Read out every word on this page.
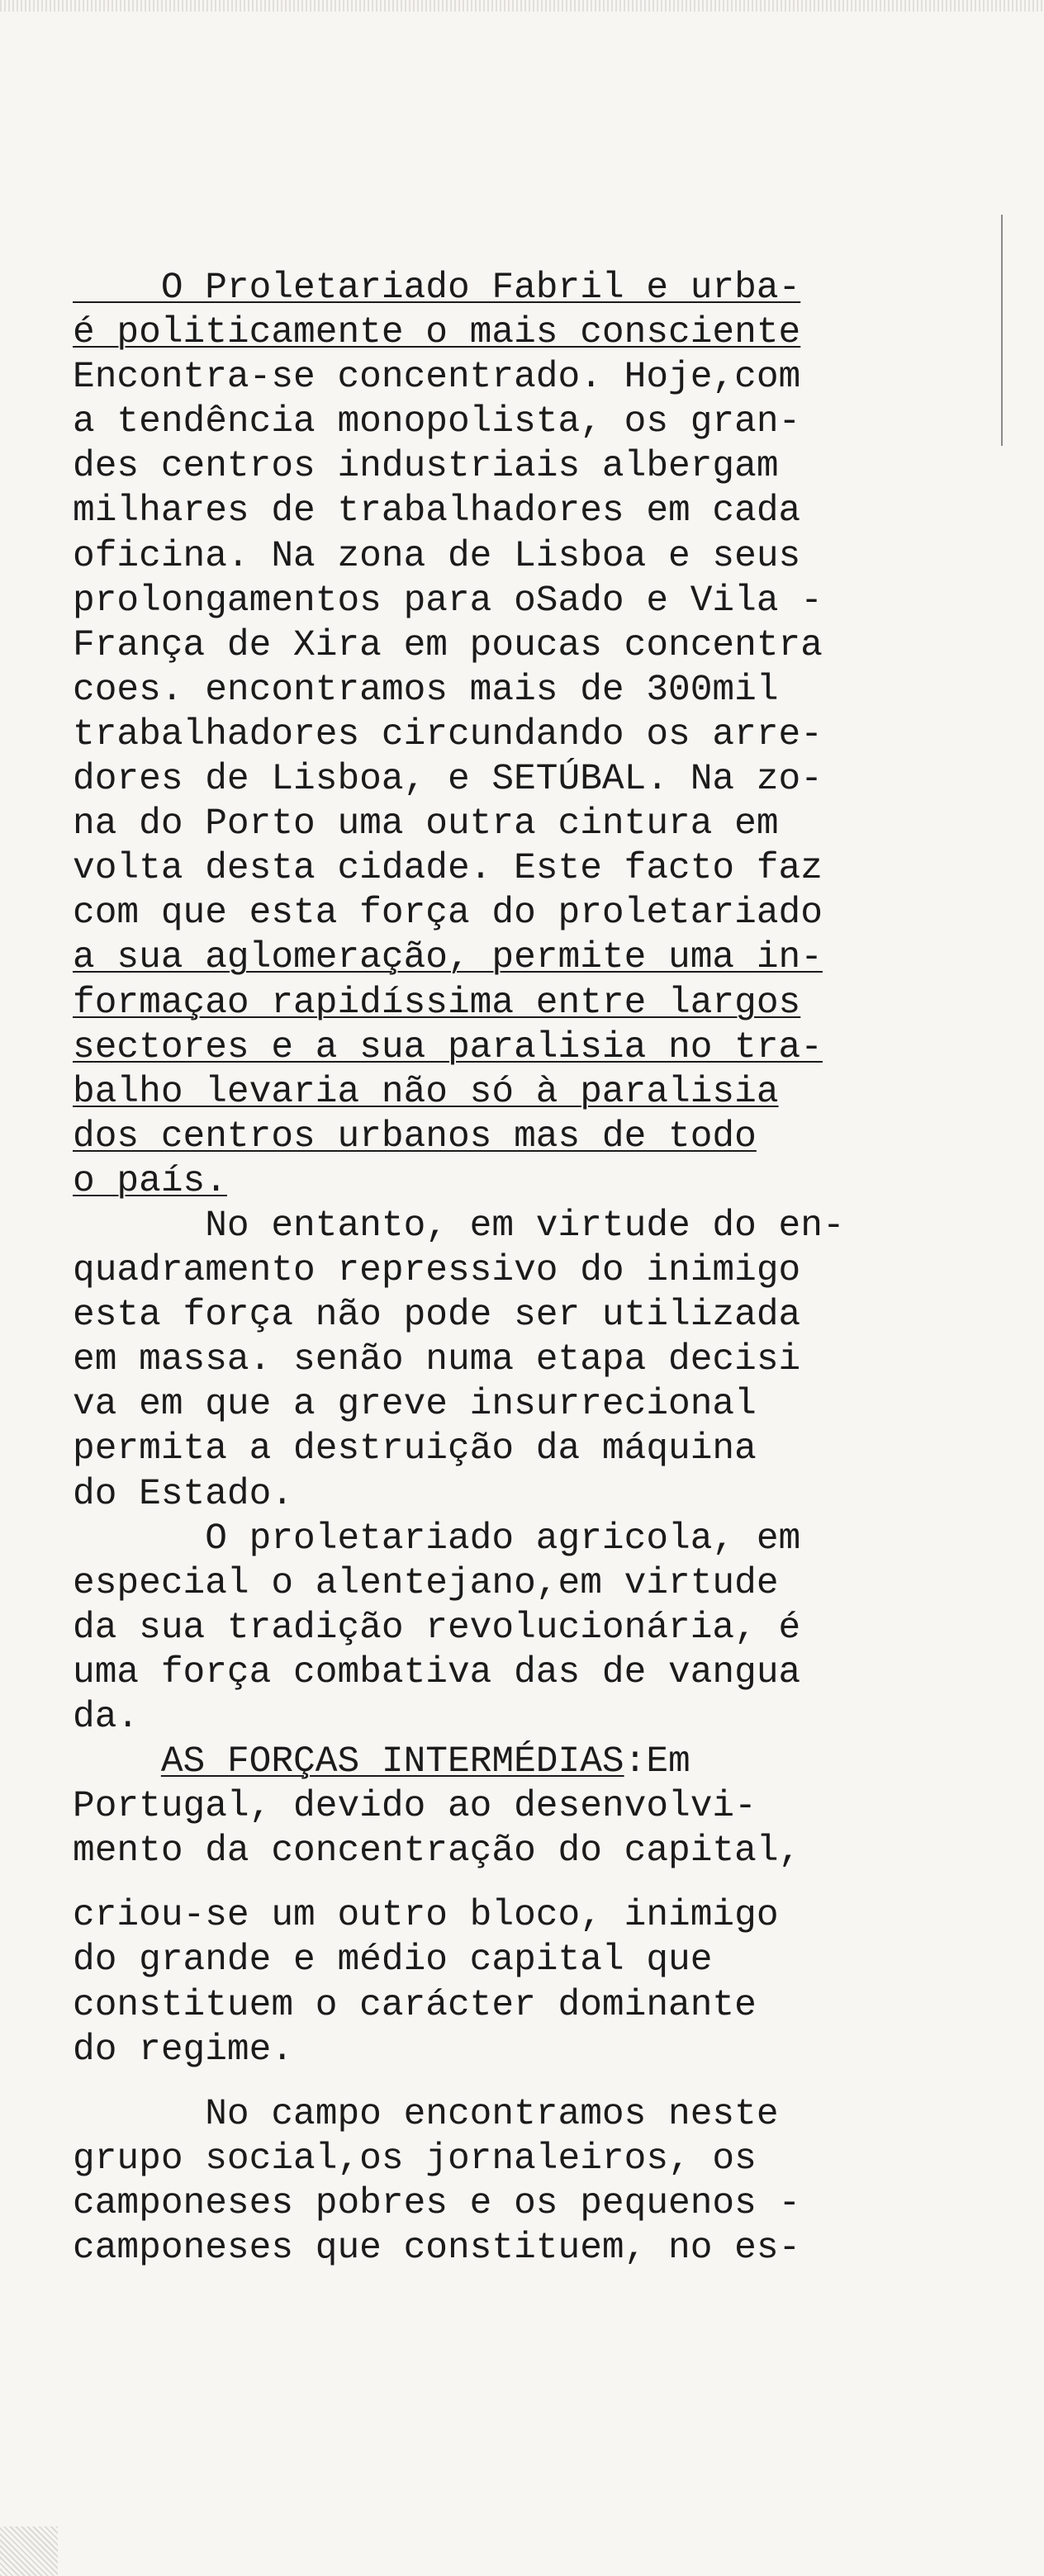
O Proletariado Fabril e urba-
é politicamente o mais consciente
Encontra-se concentrado. Hoje,com
a tendência monopolista, os gran-
des centros industriais albergam
milhares de trabalhadores em cada
oficina. Na zona de Lisboa e seus
prolongamentos para oSado e Vila -
França de Xira em poucas concentra
coes. encontramos mais de 300mil
trabalhadores circundando os arre-
dores de Lisboa, e SETÚBAL. Na zo-
na do Porto uma outra cintura em
volta desta cidade. Este facto faz
com que esta força do proletariado
a sua aglomeração, permite uma in-
formaçao rapidíssima entre largos
sectores e a sua paralisia no tra-
balho levaria não só à paralisia
dos centros urbanos mas de todo
o país.
No entanto, em virtude do en-
quadramento repressivo do inimigo
esta força não pode ser utilizada
em massa. senão numa etapa decisi
va em que a greve insurrecional
permita a destruição da máquina
do Estado.
O proletariado agricola, em
especial o alentejano,em virtude
da sua tradição revolucionária, é
uma força combativa das de vangua
da.
AS FORÇAS INTERMÉDIAS:Em
Portugal, devido ao desenvolvi-
mento da concentração do capital,
criou-se um outro bloco, inimigo
do grande e médio capital que
constituem o carácter dominante
do regime.
No campo encontramos neste
grupo social,os jornaleiros, os
camponeses pobres e os pequenos -
camponeses que constituem, no es-
